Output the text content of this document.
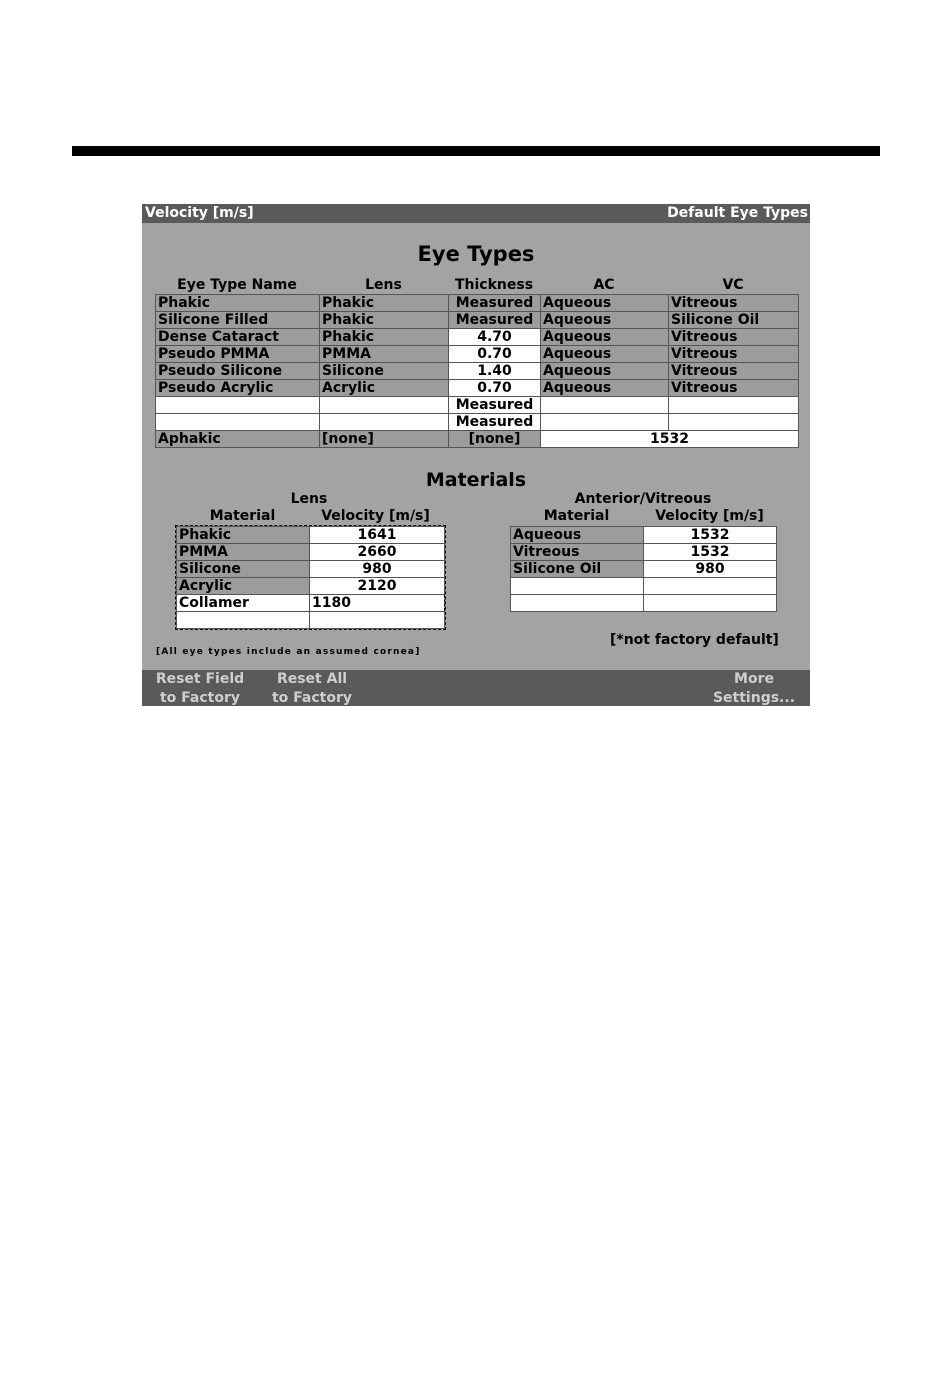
Velocity [m/s]	Default Eye Types
Eye Types
Eye Type Name	Lens	Thickness	AC	VC
Phakic	Phakic	Measured	Aqueous	Vitreous
Silicone Filled	Phakic	Measured	Aqueous	Silicone Oil
Dense Cataract	Phakic	4.70	Aqueous	Vitreous
Pseudo PMMA	PMMA	0.70	Aqueous	Vitreous
Pseudo Silicone	Silicone	1.40	Aqueous	Vitreous
Pseudo Acrylic	Acrylic	0.70	Aqueous	Vitreous
		Measured		
		Measured		
Aphakic	[none]	[none]	1532	
Materials
Lens
Material	Velocity [m/s]
Phakic	1641
PMMA	2660
Silicone	980
Acrylic	2120
Collamer	1180

Anterior/Vitreous
Material	Velocity [m/s]
Aqueous	1532
Vitreous	1532
Silicone Oil	980

[All eye types include an assumed cornea]
[*not factory default]
Reset Field
to Factory
Reset All
to Factory
More
Settings...
